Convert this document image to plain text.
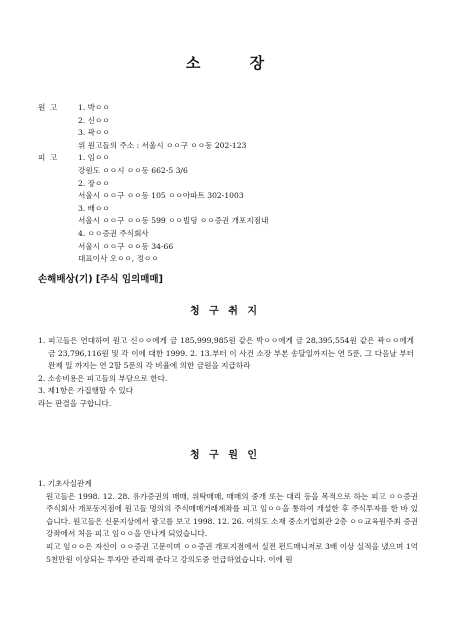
소 장
원 고	1. 박ㅇㅇ
2. 신ㅇㅇ
3. 곽ㅇㅇ
위 원고들의 주소 : 서울시 ㅇㅇ구 ㅇㅇ동 202-123
피 고	1. 임ㅇㅇ
강원도 ㅇㅇ시 ㅇㅇ동 662-5 3/6
2. 장ㅇㅇ
서울시 ㅇㅇ구 ㅇㅇ동 105 ㅇㅇ아파트 302-1003
3. 배ㅇㅇ
서울시 ㅇㅇ구 ㅇㅇ동 599 ㅇㅇ빌딩 ㅇㅇ증권 개포지점내
4. ㅇㅇ증권 주식회사
서울시 ㅇㅇ구 ㅇㅇ동 34-66
대표이사 오ㅇㅇ, 정ㅇㅇ
손해배상(기) [주식 임의매매]
청 구 취 지

1. 피고들은 연대하여 원고 신ㅇㅇ에게 금 185,999,985원 같은 박ㅇㅇ에게 금 28,395,554원 같은 곽ㅇㅇ에게 금 23,796,116원 및 각 이에 대한 1999. 2. 13.부터 이 사건 소장 부본 송달일까지는 연 5푼, 그 다음날 부터 완제 일 까지는 연 2할 5푼의 각 비율에 의한 금원을 지급하라

2. 소송비용은 피고들의 부담으로 한다.

3. 제1항은 가집행할 수 있다

라는 판결을 구합니다.

청 구 원 인

1. 기초사실관계

원고들은 1998. 12. 28. 유가증권의 매매, 위탁매매, 매매의 중개 또는 대리 등을 목적으로 하는 피고 ㅇㅇ증권 주식회사 개포동지점에 원고들 명의의 주식매매거래계좌를 피고 임ㅇㅇ을 통하여 개설한 후 주식투자를 한 바 있습니다. 원고들은 신문지상에서 광고를 보고 1998. 12. 26. 여의도 소재 중소기업회관 2층 ㅇㅇ교육원주최 증권강좌에서 처음 피고 임ㅇㅇ을 만나게 되었습니다.

피고 임ㅇㅇ은 자신이 ㅇㅇ증권 고문이며 ㅇㅇ증권 개포지점에서 실전 펀드매니저로 3배 이상 실적을 냈으며 1억 5천만원 이상되는 투자만 관리해 준다고 강의도중 언급하였습니다. 이에 원
